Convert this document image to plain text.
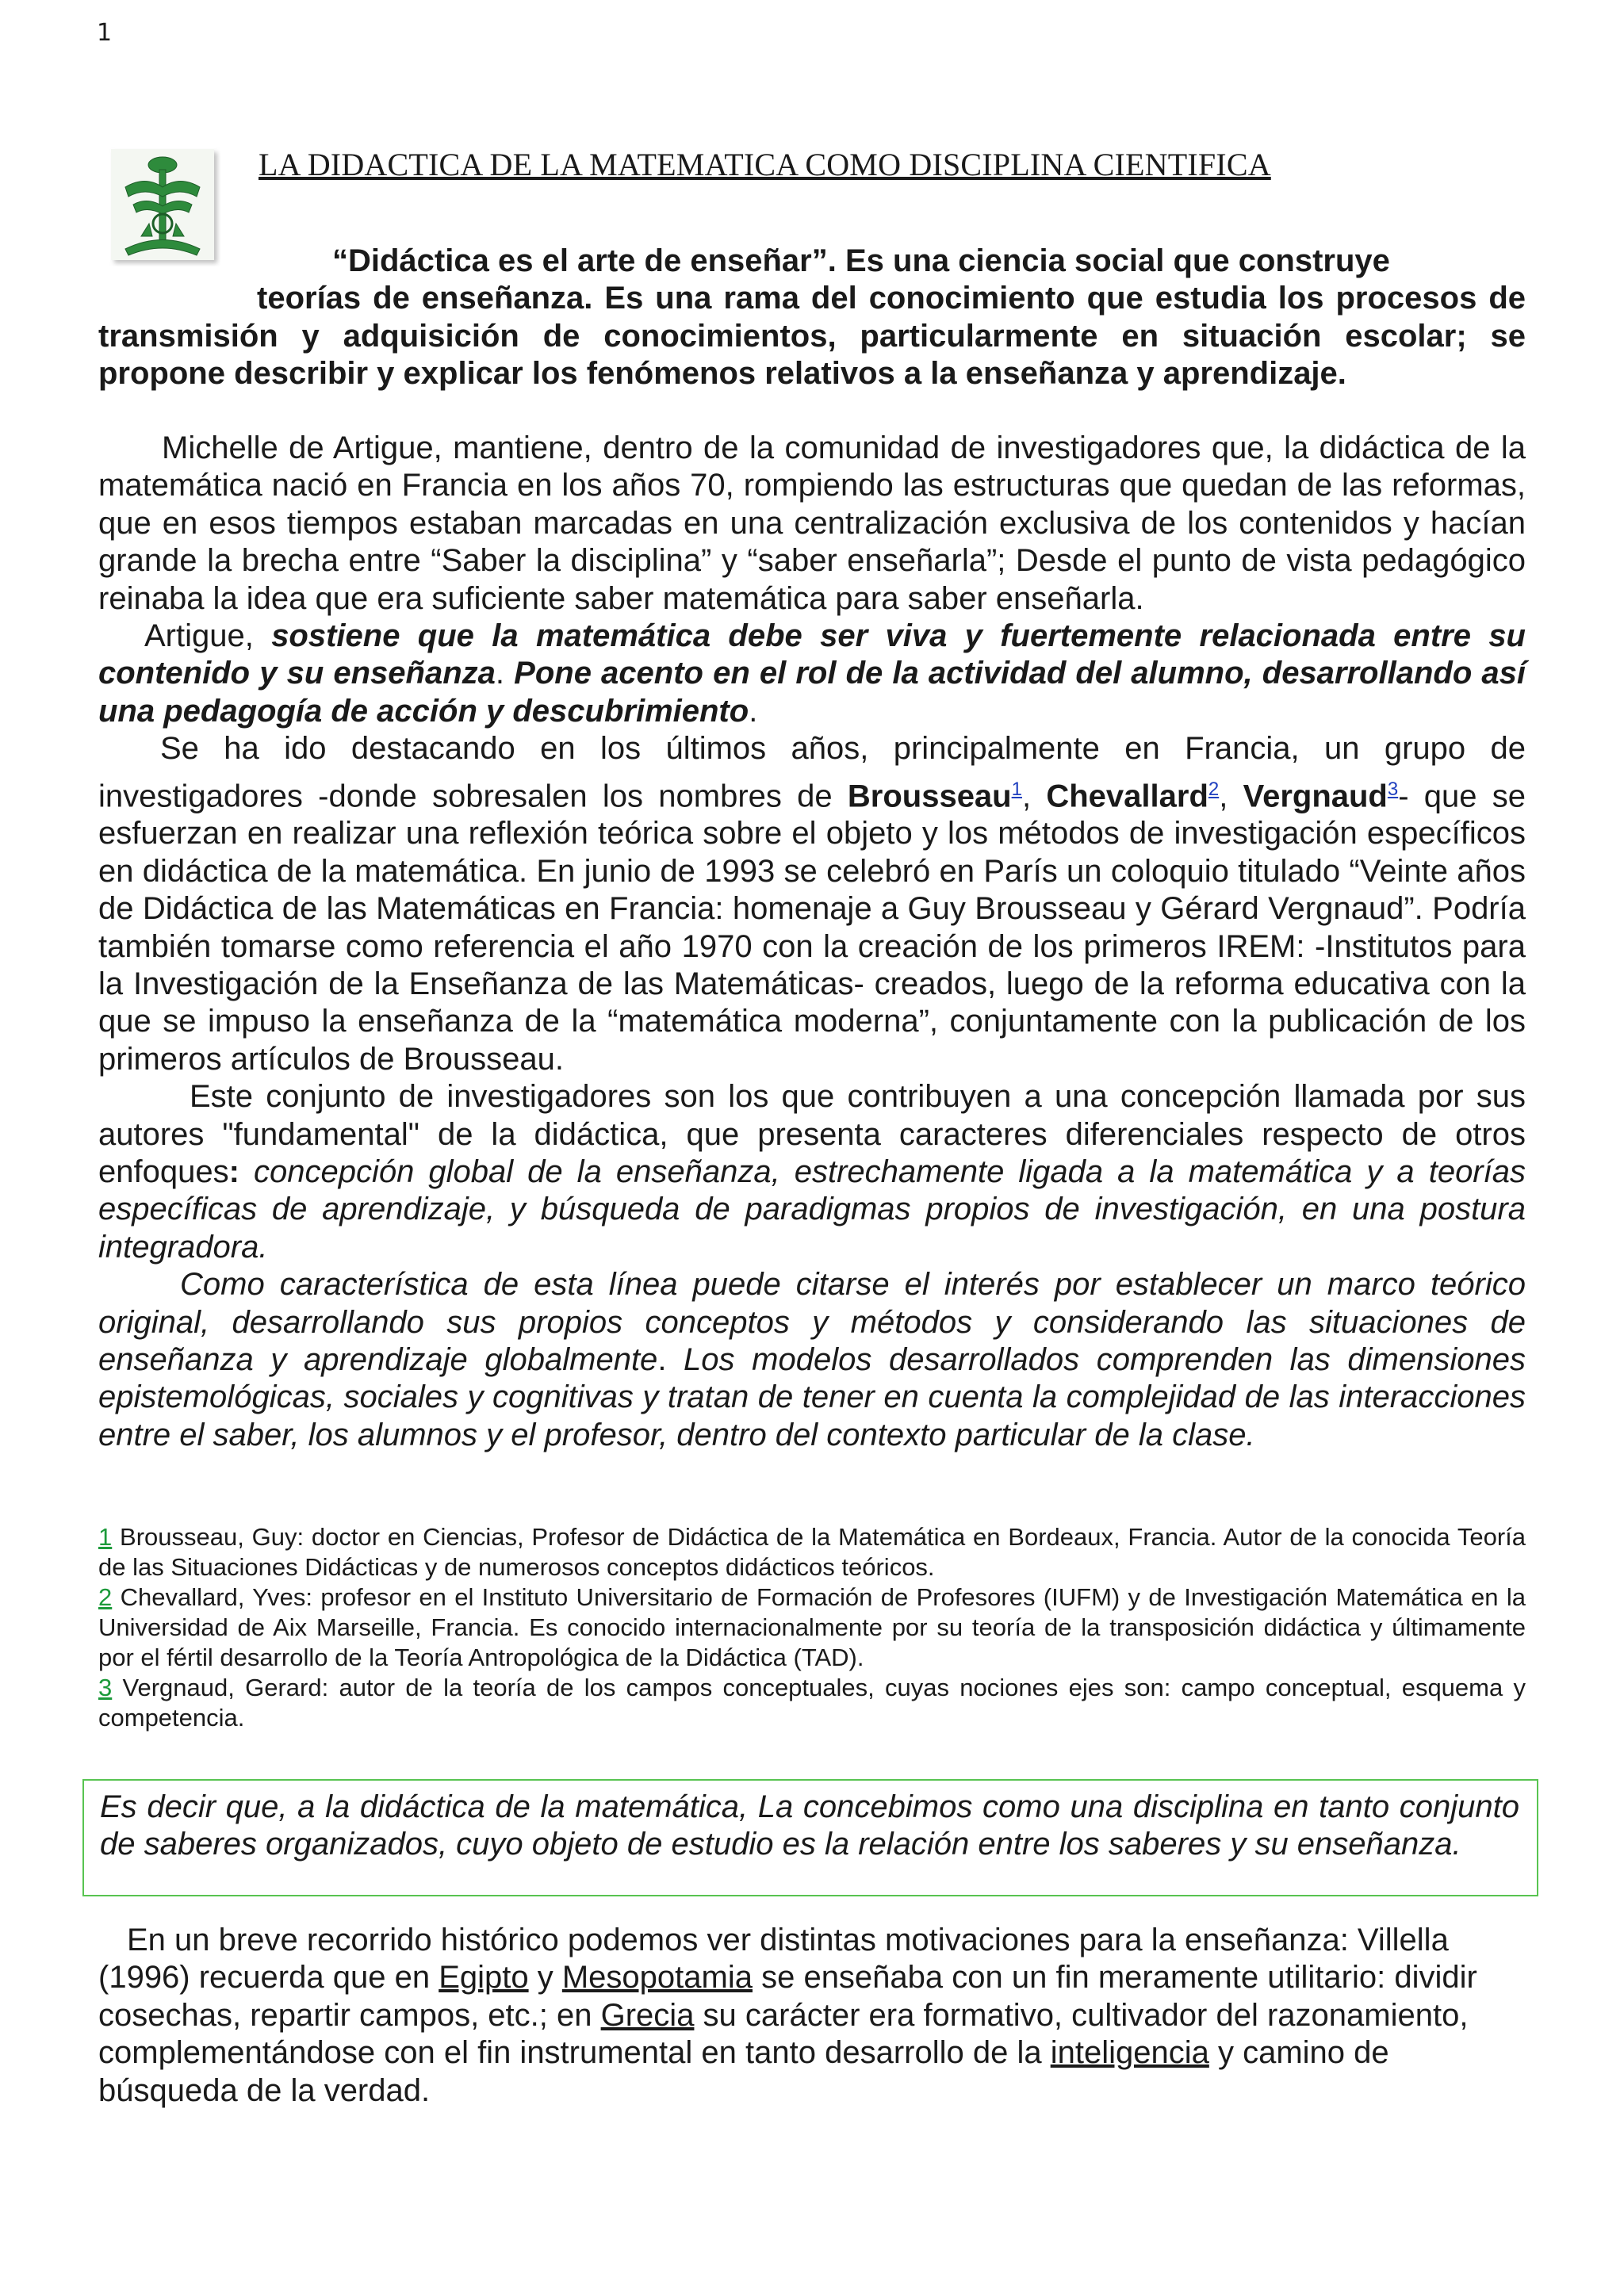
1
LA DIDACTICA DE LA MATEMATICA COMO DISCIPLINA CIENTIFICA
“Didáctica es el arte de enseñar”. Es una ciencia social que construye
teorías de enseñanza. Es una rama del conocimiento que estudia los procesos de transmisión y adquisición de conocimientos, particularmente en situación escolar; se propone describir y explicar los fenómenos relativos a la enseñanza y aprendizaje.
Michelle de Artigue, mantiene, dentro de la comunidad de investigadores que, la didáctica de la matemática nació en Francia en los años 70, rompiendo las estructuras que quedan de las reformas, que en esos tiempos estaban marcadas en una centralización exclusiva de los contenidos y hacían grande la brecha entre “Saber la disciplina” y “saber enseñarla”; Desde el punto de vista pedagógico reinaba la idea que era suficiente saber matemática para saber enseñarla.
Artigue, sostiene que la matemática debe ser viva y fuertemente relacionada entre su contenido y su enseñanza. Pone acento en el rol de la actividad del alumno, desarrollando así una pedagogía de acción y descubrimiento.
Se ha ido destacando en los últimos años, principalmente en Francia, un grupo de investigadores -donde sobresalen los nombres de Brousseau$^1$, Chevallard$^2$, Vergnaud$^3$- que se esfuerzan en realizar una reflexión teórica sobre el objeto y los métodos de investigación específicos en didáctica de la matemática. En junio de 1993 se celebró en París un coloquio titulado “Veinte años de Didáctica de las Matemáticas en Francia: homenaje a Guy Brousseau y Gérard Vergnaud”. Podría también tomarse como referencia el año 1970 con la creación de los primeros IREM: -Institutos para la Investigación de la Enseñanza de las Matemáticas- creados, luego de la reforma educativa con la que se impuso la enseñanza de la “matemática moderna”, conjuntamente con la publicación de los primeros artículos de Brousseau.
Este conjunto de investigadores son los que contribuyen a una concepción llamada por sus autores "fundamental" de la didáctica, que presenta caracteres diferenciales respecto de otros enfoques: concepción global de la enseñanza, estrechamente ligada a la matemática y a teorías específicas de aprendizaje, y búsqueda de paradigmas propios de investigación, en una postura integradora.
Como característica de esta línea puede citarse el interés por establecer un marco teórico original, desarrollando sus propios conceptos y métodos y considerando las situaciones de enseñanza y aprendizaje globalmente. Los modelos desarrollados comprenden las dimensiones epistemológicas, sociales y cognitivas y tratan de tener en cuenta la complejidad de las interacciones entre el saber, los alumnos y el profesor, dentro del contexto particular de la clase.
1 Brousseau, Guy: doctor en Ciencias, Profesor de Didáctica de la Matemática en Bordeaux, Francia. Autor de la conocida Teoría de las Situaciones Didácticas y de numerosos conceptos didácticos teóricos.
2 Chevallard, Yves: profesor en el Instituto Universitario de Formación de Profesores (IUFM) y de Investigación Matemática en la Universidad de Aix Marseille, Francia. Es conocido internacionalmente por su teoría de la transposición didáctica y últimamente por el fértil desarrollo de la Teoría Antropológica de la Didáctica (TAD).
3 Vergnaud, Gerard: autor de la teoría de los campos conceptuales, cuyas nociones ejes son: campo conceptual, esquema y competencia.
Es decir que, a la didáctica de la matemática, La concebimos como una disciplina en tanto conjunto de saberes organizados, cuyo objeto de estudio es la relación entre los saberes y su enseñanza.
En un breve recorrido histórico podemos ver distintas motivaciones para la enseñanza: Villella (1996) recuerda que en Egipto y Mesopotamia se enseñaba con un fin meramente utilitario: dividir cosechas, repartir campos, etc.; en Grecia su carácter era formativo, cultivador del razonamiento, complementándose con el fin instrumental en tanto desarrollo de la inteligencia y camino de búsqueda de la verdad.
